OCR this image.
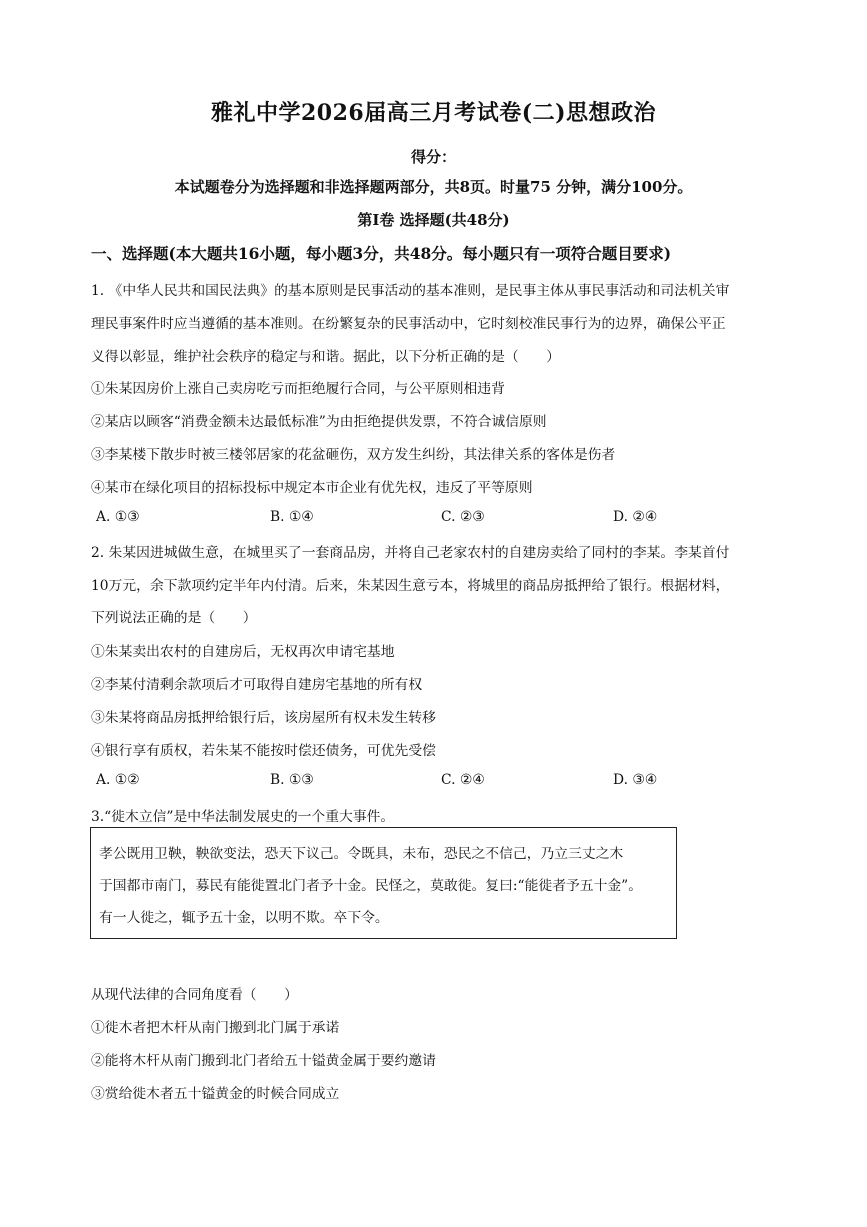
雅礼中学2026届高三月考试卷(二)思想政治
得分：
本试题卷分为选择题和非选择题两部分，共8页。时量75 分钟，满分100分。
第Ⅰ卷 选择题(共48分)
一、选择题(本大题共16小题，每小题3分，共48分。每小题只有一项符合题目要求)
1. 《中华人民共和国民法典》的基本原则是民事活动的基本准则，是民事主体从事民事活动和司法机关审
理民事案件时应当遵循的基本准则。在纷繁复杂的民事活动中，它时刻校准民事行为的边界，确保公平正
义得以彰显，维护社会秩序的稳定与和谐。据此，以下分析正确的是（　　）
①朱某因房价上涨自己卖房吃亏而拒绝履行合同，与公平原则相违背
②某店以顾客“消费金额未达最低标准”为由拒绝提供发票，不符合诚信原则
③李某楼下散步时被三楼邻居家的花盆砸伤，双方发生纠纷，其法律关系的客体是伤者
④某市在绿化项目的招标投标中规定本市企业有优先权，违反了平等原则
A. ①③	B. ①④	C. ②③	D. ②④
2. 朱某因进城做生意，在城里买了一套商品房，并将自己老家农村的自建房卖给了同村的李某。李某首付
10万元，余下款项约定半年内付清。后来，朱某因生意亏本，将城里的商品房抵押给了银行。根据材料，
下列说法正确的是（　　）
①朱某卖出农村的自建房后，无权再次申请宅基地
②李某付清剩余款项后才可取得自建房宅基地的所有权
③朱某将商品房抵押给银行后，该房屋所有权未发生转移
④银行享有质权，若朱某不能按时偿还债务，可优先受偿
A. ①②	B. ①③	C. ②④	D. ③④
3.“徙木立信”是中华法制发展史的一个重大事件。
孝公既用卫鞅，鞅欲变法，恐天下议己。令既具，未布，恐民之不信己，乃立三丈之木
于国都市南门，募民有能徙置北门者予十金。民怪之，莫敢徙。复曰:“能徙者予五十金”。
有一人徙之，辄予五十金，以明不欺。卒下令。
从现代法律的合同角度看（　　）
①徙木者把木杆从南门搬到北门属于承诺
②能将木杆从南门搬到北门者给五十镒黄金属于要约邀请
③赏给徙木者五十镒黄金的时候合同成立
